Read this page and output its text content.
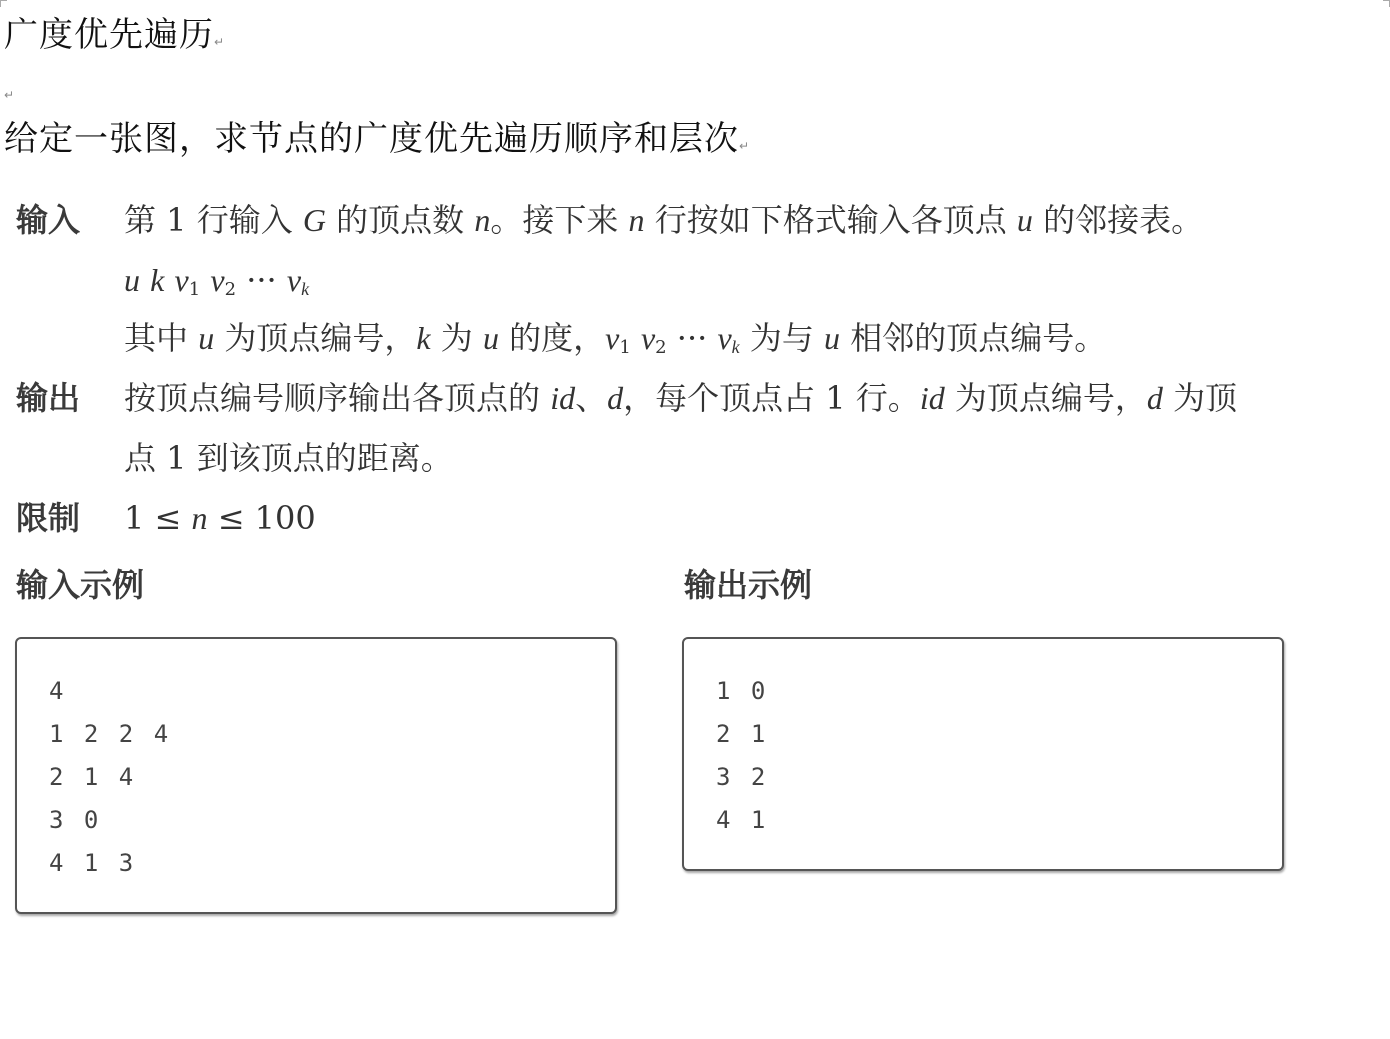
广度优先遍历↵
↵
给定一张图，求节点的广度优先遍历顺序和层次↵
输入 第 1 行输入 G 的顶点数 n。接下来 n 行按如下格式输入各顶点 u 的邻接表。
u k $v_1$ $v_2$ ··· $v_k$
其中 u 为顶点编号，k 为 u 的度，$v_1$ $v_2$ ··· $v_k$ 为与 u 相邻的顶点编号。
输出 按顶点编号顺序输出各顶点的 id、d，每个顶点占 1 行。id 为顶点编号，d 为顶
点 1 到该顶点的距离。
限制 1 ≤ n ≤ 100
输入示例	输出示例
4
1 2 2 4
2 1 4
3 0
4 1 3
1 0
2 1
3 2
4 1
